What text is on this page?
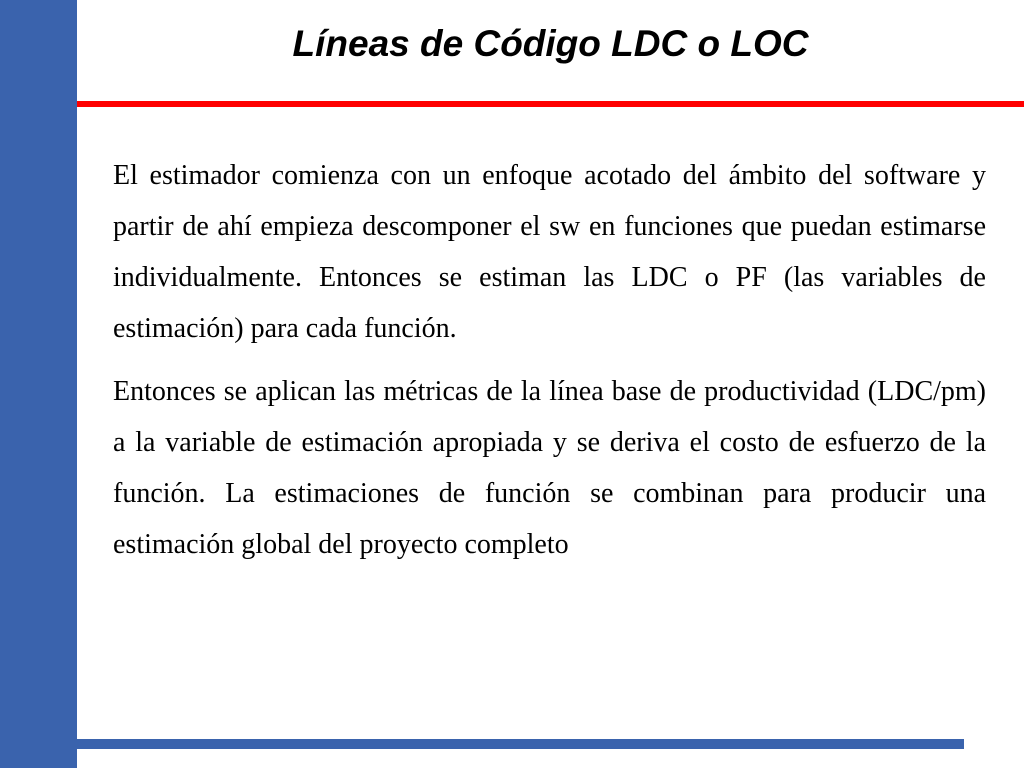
Líneas de Código LDC o LOC

El estimador comienza con un enfoque acotado del ámbito del software y partir de ahí empieza descomponer el sw en funciones que puedan estimarse individualmente. Entonces se estiman las LDC o PF (las variables de estimación) para cada función.

Entonces se aplican las métricas de la línea base de productividad (LDC/pm) a la variable de estimación apropiada y se deriva el costo de esfuerzo de la función. La estimaciones de función se combinan para producir una estimación global del proyecto completo
